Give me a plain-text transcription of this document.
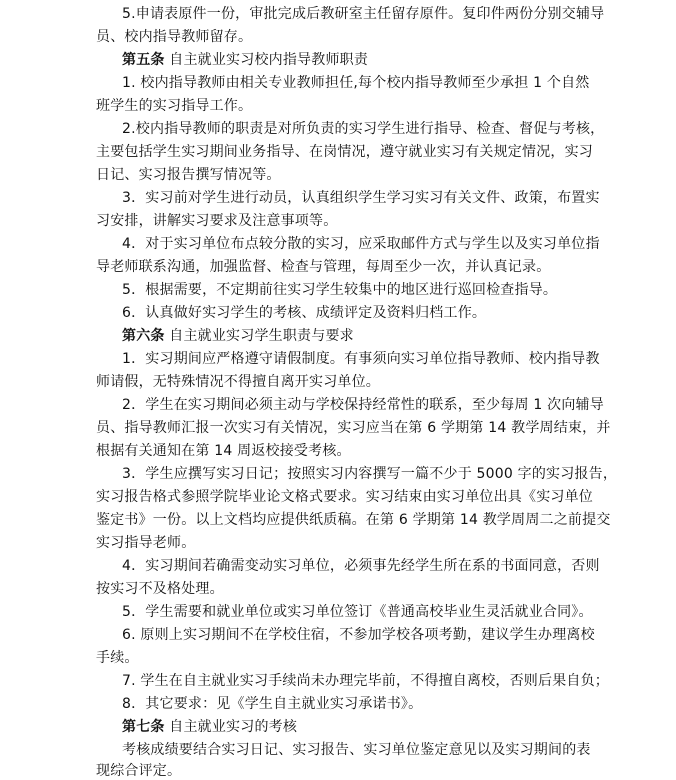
5.申请表原件一份，审批完成后教研室主任留存原件。复印件两份分别交辅导
员、校内指导教师留存。
第五条 自主就业实习校内指导教师职责
1. 校内指导教师由相关专业教师担任,每个校内指导教师至少承担 1 个自然
班学生的实习指导工作。
2.校内指导教师的职责是对所负责的实习学生进行指导、检查、督促与考核，
主要包括学生实习期间业务指导、在岗情况，遵守就业实习有关规定情况，实习
日记、实习报告撰写情况等。
3．实习前对学生进行动员，认真组织学生学习实习有关文件、政策，布置实
习安排，讲解实习要求及注意事项等。
4．对于实习单位布点较分散的实习，应采取邮件方式与学生以及实习单位指
导老师联系沟通，加强监督、检查与管理，每周至少一次，并认真记录。
5．根据需要，不定期前往实习学生较集中的地区进行巡回检查指导。
6．认真做好实习学生的考核、成绩评定及资料归档工作。
第六条 自主就业实习学生职责与要求
1．实习期间应严格遵守请假制度。有事须向实习单位指导教师、校内指导教
师请假，无特殊情况不得擅自离开实习单位。
2．学生在实习期间必须主动与学校保持经常性的联系，至少每周 1 次向辅导
员、指导教师汇报一次实习有关情况，实习应当在第 6 学期第 14 教学周结束，并
根据有关通知在第 14 周返校接受考核。
3．学生应撰写实习日记；按照实习内容撰写一篇不少于 5000 字的实习报告，
实习报告格式参照学院毕业论文格式要求。实习结束由实习单位出具《实习单位
鉴定书》一份。以上文档均应提供纸质稿。在第 6 学期第 14 教学周周二之前提交
实习指导老师。
4．实习期间若确需变动实习单位，必须事先经学生所在系的书面同意，否则
按实习不及格处理。
5．学生需要和就业单位或实习单位签订《普通高校毕业生灵活就业合同》。
6. 原则上实习期间不在学校住宿，不参加学校各项考勤，建议学生办理离校
手续。
7. 学生在自主就业实习手续尚未办理完毕前，不得擅自离校，否则后果自负；
8．其它要求：见《学生自主就业实习承诺书》。
第七条 自主就业实习的考核
考核成绩要结合实习日记、实习报告、实习单位鉴定意见以及实习期间的表
现综合评定。
